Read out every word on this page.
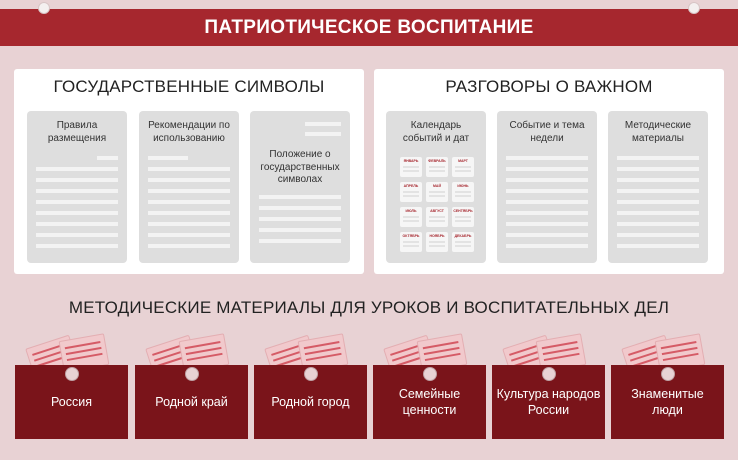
ПАТРИОТИЧЕСКОЕ ВОСПИТАНИЕ
ГОСУДАРСТВЕННЫЕ СИМВОЛЫ
Правила размещения
Рекомендации по использованию
Положение о государственных символах
РАЗГОВОРЫ О ВАЖНОМ
Календарь событий и дат
ЯНВАРЬ	ФЕВРАЛЬ	МАРТ
АПРЕЛЬ	МАЙ	ИЮНЬ
ИЮЛЬ	АВГУСТ	СЕНТЯБРЬ
ОКТЯБРЬ	НОЯБРЬ	ДЕКАБРЬ
Событие и тема недели
Методические материалы
МЕТОДИЧЕСКИЕ МАТЕРИАЛЫ ДЛЯ УРОКОВ И ВОСПИТАТЕЛЬНЫХ ДЕЛ
Россия	Родной край	Родной город
Семейные ценности
Культура народов России
Знаменитые люди
